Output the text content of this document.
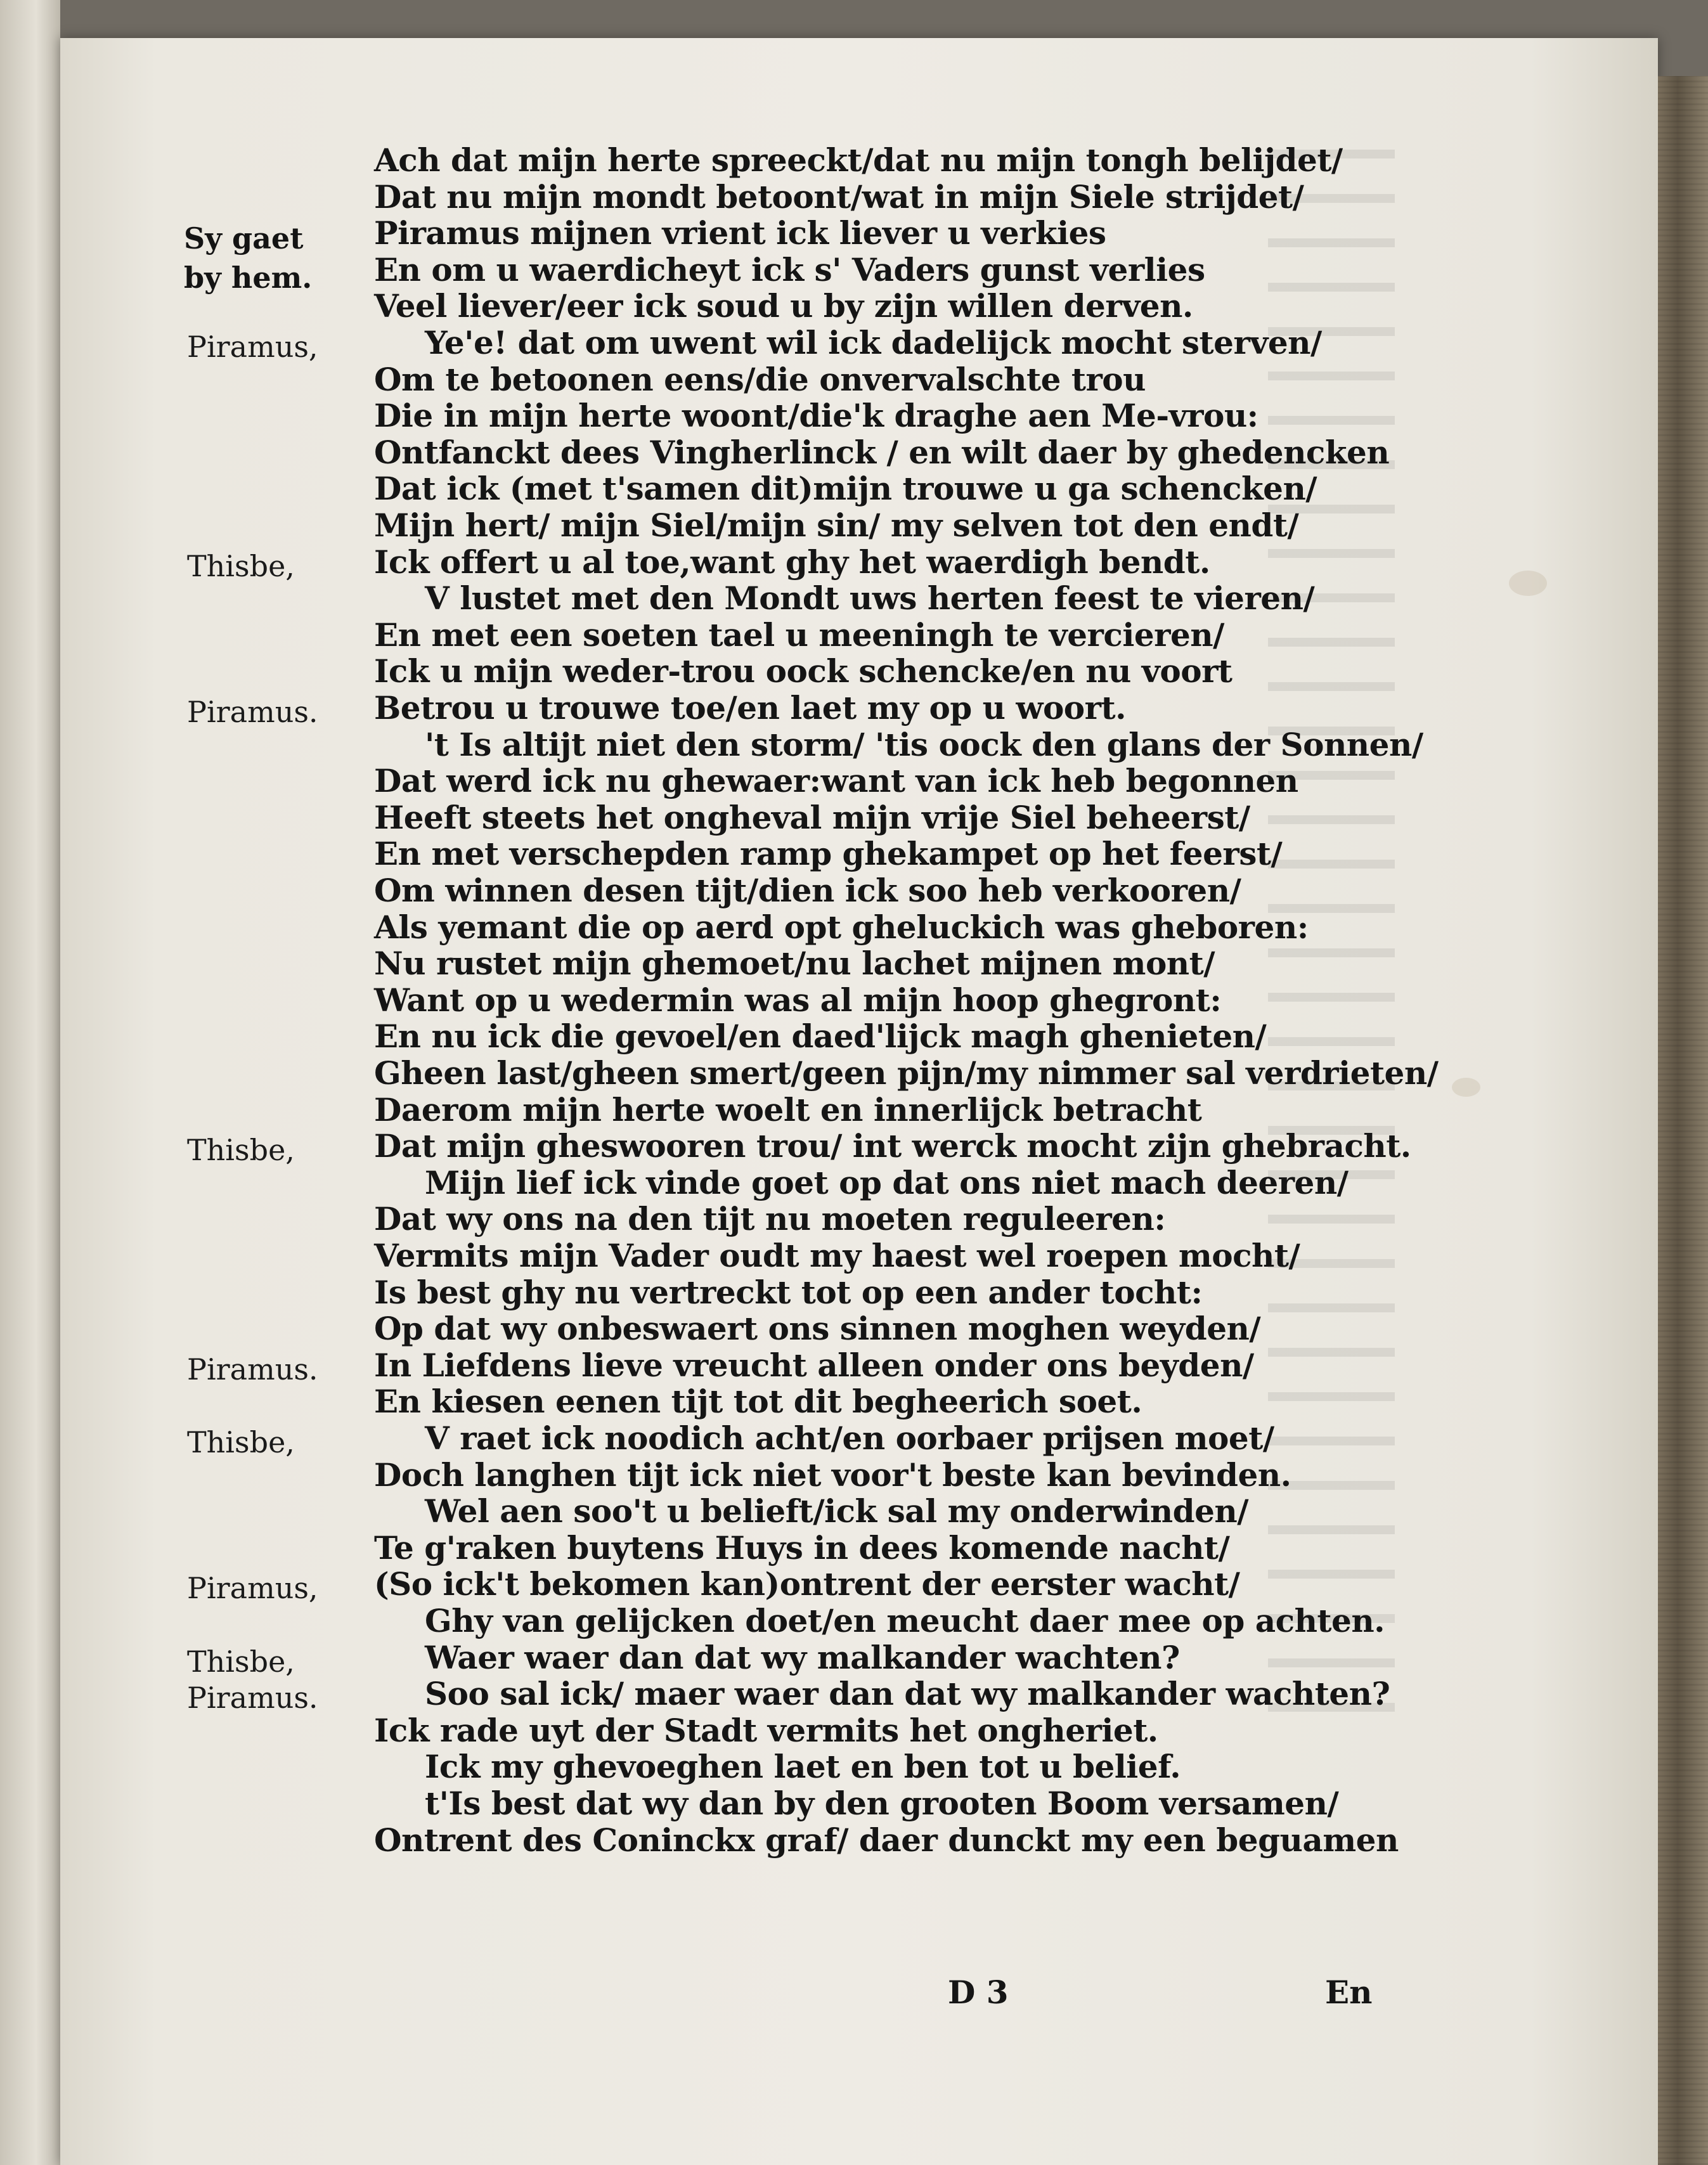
Sy gaet
by hem.
Piramus,
Thisbe,
Piramus.
Thisbe,
Piramus.
Thisbe,
Piramus,
Thisbe,
Piramus.
Ach dat mijn herte spreeckt/dat nu mijn tongh belijdet/
Dat nu mijn mondt betoont/wat in mijn Siele strijdet/
Piramus mijnen vrient ick liever u verkies
En om u waerdicheyt ick s' Vaders gunst verlies
Veel liever/eer ick soud u by zijn willen derven.
Ye'e! dat om uwent wil ick dadelijck mocht sterven/
Om te betoonen eens/die onvervalschte trou
Die in mijn herte woont/die'k draghe aen Me-vrou:
Ontfanckt dees Vingherlinck / en wilt daer by ghedencken
Dat ick (met t'samen dit)mijn trouwe u ga schencken/
Mijn hert/ mijn Siel/mijn sin/ my selven tot den endt/
Ick offert u al toe,want ghy het waerdigh bendt.
V lustet met den Mondt uws herten feest te vieren/
En met een soeten tael u meeningh te vercieren/
Ick u mijn weder-trou oock schencke/en nu voort
Betrou u trouwe toe/en laet my op u woort.
't Is altijt niet den storm/ 'tis oock den glans der Sonnen/
Dat werd ick nu ghewaer:want van ick heb begonnen
Heeft steets het ongheval mijn vrije Siel beheerst/
En met verschepden ramp ghekampet op het feerst/
Om winnen desen tijt/dien ick soo heb verkooren/
Als yemant die op aerd opt gheluckich was gheboren:
Nu rustet mijn ghemoet/nu lachet mijnen mont/
Want op u wedermin was al mijn hoop ghegront:
En nu ick die gevoel/en daed'lijck magh ghenieten/
Gheen last/gheen smert/geen pijn/my nimmer sal verdrieten/
Daerom mijn herte woelt en innerlijck betracht
Dat mijn gheswooren trou/ int werck mocht zijn ghebracht.
Mijn lief ick vinde goet op dat ons niet mach deeren/
Dat wy ons na den tijt nu moeten reguleeren:
Vermits mijn Vader oudt my haest wel roepen mocht/
Is best ghy nu vertreckt tot op een ander tocht:
Op dat wy onbeswaert ons sinnen moghen weyden/
In Liefdens lieve vreucht alleen onder ons beyden/
En kiesen eenen tijt tot dit begheerich soet.
V raet ick noodich acht/en oorbaer prijsen moet/
Doch langhen tijt ick niet voor't beste kan bevinden.
Wel aen soo't u belieft/ick sal my onderwinden/
Te g'raken buytens Huys in dees komende nacht/
(So ick't bekomen kan)ontrent der eerster wacht/
Ghy van gelijcken doet/en meucht daer mee op achten.
Waer waer dan dat wy malkander wachten?
Soo sal ick/ maer waer dan dat wy malkander wachten?
Ick rade uyt der Stadt vermits het ongheriet.
Ick my ghevoeghen laet en ben tot u belief.
t'Is best dat wy dan by den grooten Boom versamen/
Ontrent des Coninckx graf/ daer dunckt my een beguamen
D 3	En
